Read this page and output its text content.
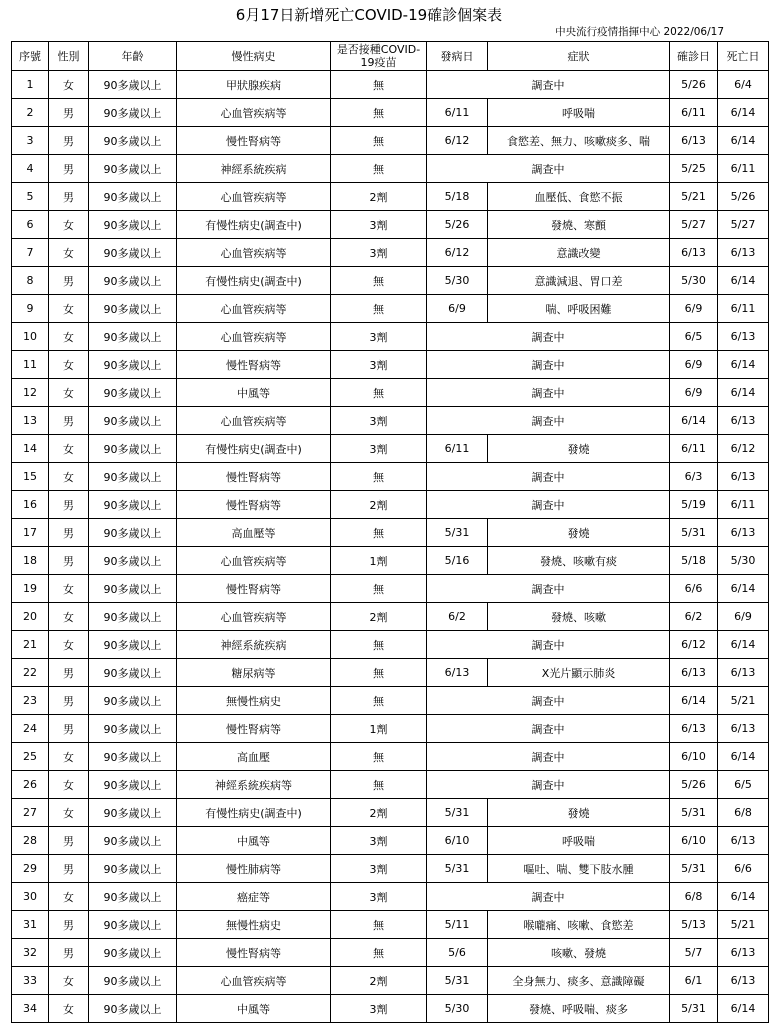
6月17日新增死亡COVID-19確診個案表
中央流行疫情指揮中心 2022/06/17
序號	性別	年齡	慢性病史	是否接種COVID-19疫苗	發病日	症狀	確診日	死亡日
1	女	90多歲以上	甲狀腺疾病	無	調查中		5/26	6/4
2	男	90多歲以上	心血管疾病等	無	6/11	呼吸喘	6/11	6/14
3	男	90多歲以上	慢性腎病等	無	6/12	食慾差、無力、咳嗽痰多、喘	6/13	6/14
4	男	90多歲以上	神經系統疾病	無	調查中		5/25	6/11
5	男	90多歲以上	心血管疾病等	2劑	5/18	血壓低、食慾不振	5/21	5/26
6	女	90多歲以上	有慢性病史(調查中)	3劑	5/26	發燒、寒顫	5/27	5/27
7	女	90多歲以上	心血管疾病等	3劑	6/12	意識改變	6/13	6/13
8	男	90多歲以上	有慢性病史(調查中)	無	5/30	意識減退、胃口差	5/30	6/14
9	女	90多歲以上	心血管疾病等	無	6/9	喘、呼吸困難	6/9	6/11
10	女	90多歲以上	心血管疾病等	3劑	調查中		6/5	6/13
11	女	90多歲以上	慢性腎病等	3劑	調查中		6/9	6/14
12	女	90多歲以上	中風等	無	調查中		6/9	6/14
13	男	90多歲以上	心血管疾病等	3劑	調查中		6/14	6/13
14	女	90多歲以上	有慢性病史(調查中)	3劑	6/11	發燒	6/11	6/12
15	女	90多歲以上	慢性腎病等	無	調查中		6/3	6/13
16	男	90多歲以上	慢性腎病等	2劑	調查中		5/19	6/11
17	男	90多歲以上	高血壓等	無	5/31	發燒	5/31	6/13
18	男	90多歲以上	心血管疾病等	1劑	5/16	發燒、咳嗽有痰	5/18	5/30
19	女	90多歲以上	慢性腎病等	無	調查中		6/6	6/14
20	女	90多歲以上	心血管疾病等	2劑	6/2	發燒、咳嗽	6/2	6/9
21	女	90多歲以上	神經系統疾病	無	調查中		6/12	6/14
22	男	90多歲以上	糖尿病等	無	6/13	X光片顯示肺炎	6/13	6/13
23	男	90多歲以上	無慢性病史	無	調查中		6/14	5/21
24	男	90多歲以上	慢性腎病等	1劑	調查中		6/13	6/13
25	女	90多歲以上	高血壓	無	調查中		6/10	6/14
26	女	90多歲以上	神經系統疾病等	無	調查中		5/26	6/5
27	女	90多歲以上	有慢性病史(調查中)	2劑	5/31	發燒	5/31	6/8
28	男	90多歲以上	中風等	3劑	6/10	呼吸喘	6/10	6/13
29	男	90多歲以上	慢性肺病等	3劑	5/31	嘔吐、喘、雙下肢水腫	5/31	6/6
30	女	90多歲以上	癌症等	3劑	調查中		6/8	6/14
31	男	90多歲以上	無慢性病史	無	5/11	喉嚨痛、咳嗽、食慾差	5/13	5/21
32	男	90多歲以上	慢性腎病等	無	5/6	咳嗽、發燒	5/7	6/13
33	女	90多歲以上	心血管疾病等	2劑	5/31	全身無力、痰多、意識障礙	6/1	6/13
34	女	90多歲以上	中風等	3劑	5/30	發燒、呼吸喘、痰多	5/31	6/14
